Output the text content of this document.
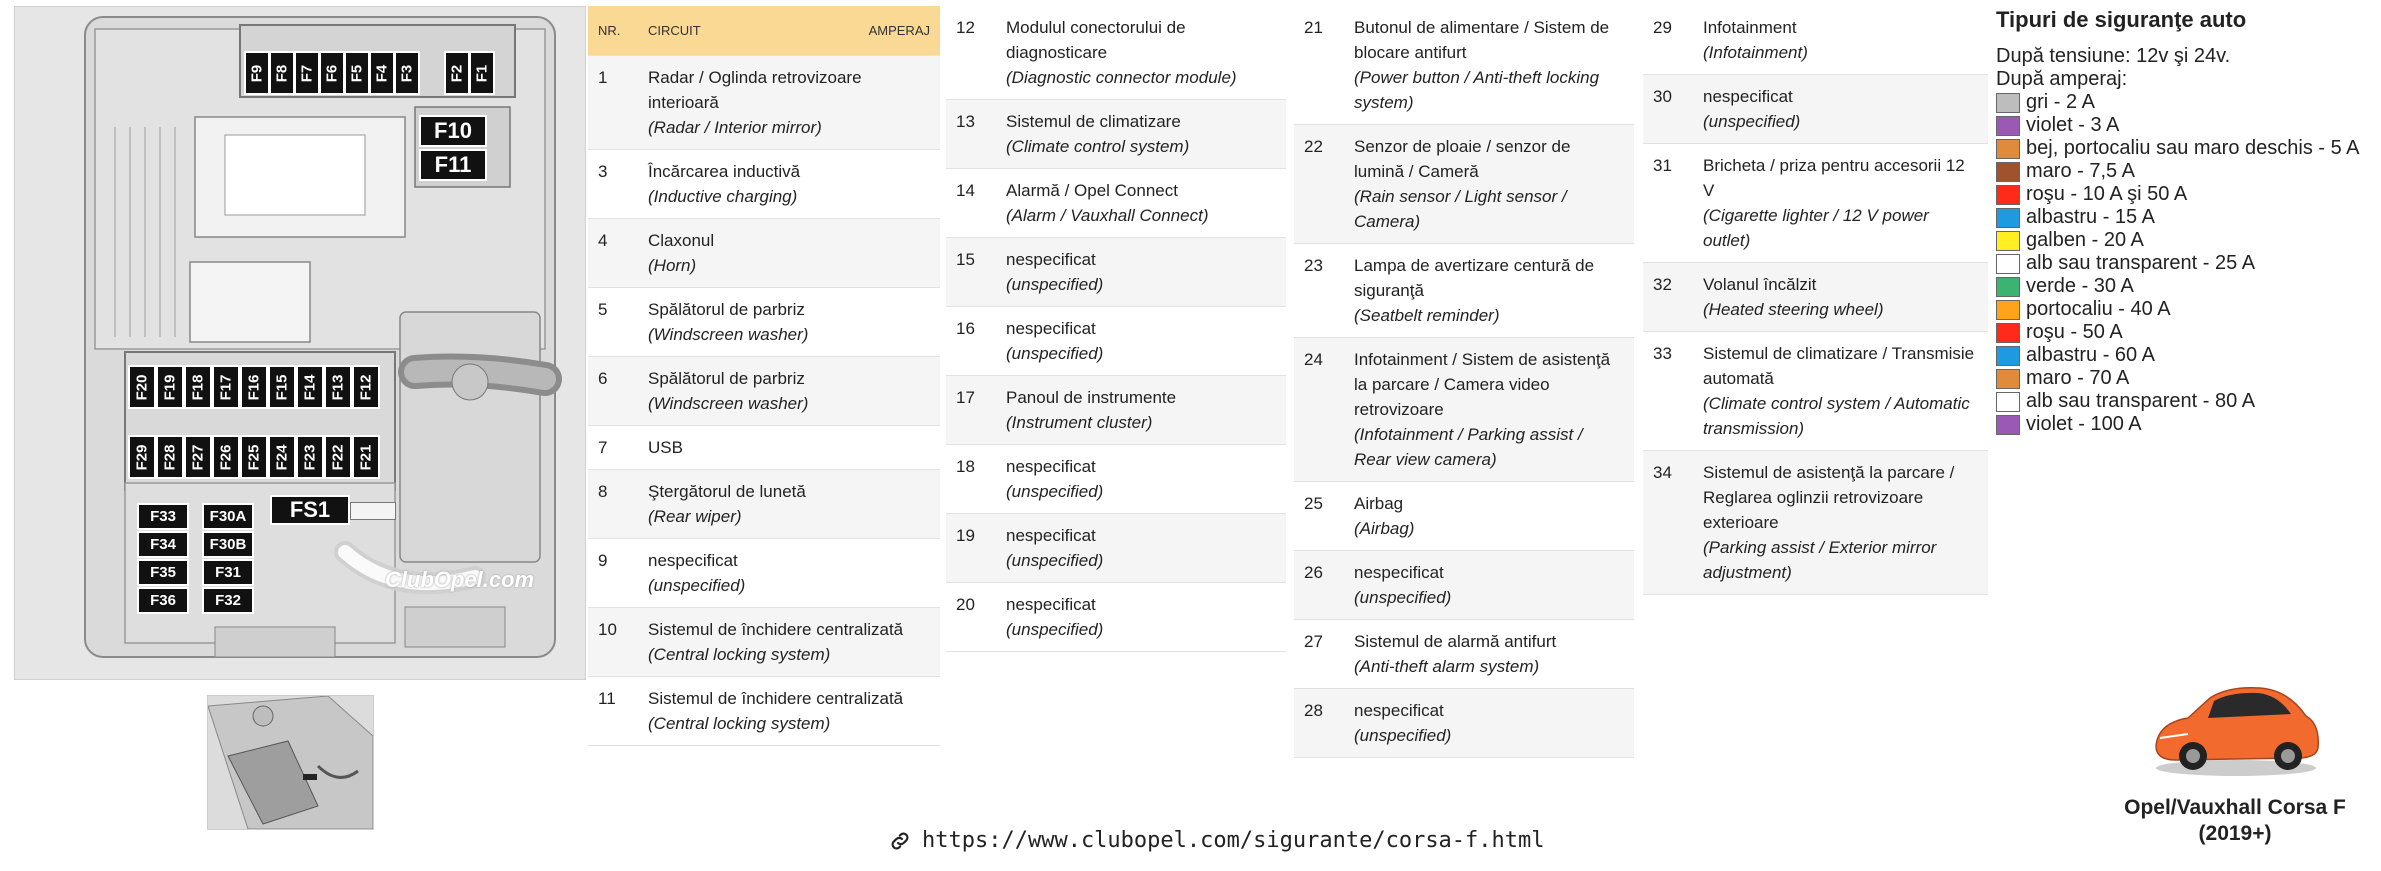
F9 F8 F7 F6 F5 F4 F3 F2 F1
F10
F11
F20 F19 F18 F17 F16 F15 F14 F13 F12
F29 F28 F27 F26 F25 F24 F23 F22 F21
F33
F34
F35
F36
F30A
F30B
F31
F32
FS1
ClubOpel.com
NR.	CIRCUIT	AMPERAJ
1	Radar / Oglinda retrovizoare interioară
(Radar / Interior mirror)	

3	Încărcarea inductivă
(Inductive charging)	

4	Claxonul
(Horn)	

5	Spălătorul de parbriz
(Windscreen washer)	

6	Spălătorul de parbriz
(Windscreen washer)	

7	USB	

8	Ştergătorul de lunetă
(Rear wiper)	

9	nespecificat
(unspecified)	

10	Sistemul de închidere centralizată
(Central locking system)	

11	Sistemul de închidere centralizată
(Central locking system)	
12	Modulul conectorului de diagnosticare
(Diagnostic connector module)

13	Sistemul de climatizare
(Climate control system)

14	Alarmă / Opel Connect
(Alarm / Vauxhall Connect)

15	nespecificat
(unspecified)

16	nespecificat
(unspecified)

17	Panoul de instrumente
(Instrument cluster)

18	nespecificat
(unspecified)

19	nespecificat
(unspecified)

20	nespecificat
(unspecified)
21	Butonul de alimentare / Sistem de blocare antifurt
(Power button / Anti-theft locking system)

22	Senzor de ploaie / senzor de lumină / Cameră
(Rain sensor / Light sensor / Camera)

23	Lampa de avertizare centură de siguranţă
(Seatbelt reminder)

24	Infotainment / Sistem de asistenţă la parcare / Camera video retrovizoare
(Infotainment / Parking assist / Rear view camera)

25	Airbag
(Airbag)

26	nespecificat
(unspecified)

27	Sistemul de alarmă antifurt
(Anti-theft alarm system)

28	nespecificat
(unspecified)
29	Infotainment
(Infotainment)

30	nespecificat
(unspecified)

31	Bricheta / priza pentru accesorii 12 V
(Cigarette lighter / 12 V power outlet)

32	Volanul încălzit
(Heated steering wheel)

33	Sistemul de climatizare / Transmisie automată
(Climate control system / Automatic transmission)

34	Sistemul de asistenţă la parcare / Reglarea oglinzii retrovizoare exterioare
(Parking assist / Exterior mirror adjustment)
Tipuri de siguranţe auto
După tensiune: 12v şi 24v.
După amperaj:
gri - 2 A
violet - 3 A
bej, portocaliu sau maro deschis - 5 A
maro - 7,5 A
roşu - 10 A şi 50 A
albastru - 15 A
galben - 20 A
alb sau transparent - 25 A
verde - 30 A
portocaliu - 40 A
roşu - 50 A
albastru - 60 A
maro - 70 A
alb sau transparent - 80 A
violet - 100 A
Opel/Vauxhall Corsa F
(2019+)
https://www.clubopel.com/sigurante/corsa-f.html
